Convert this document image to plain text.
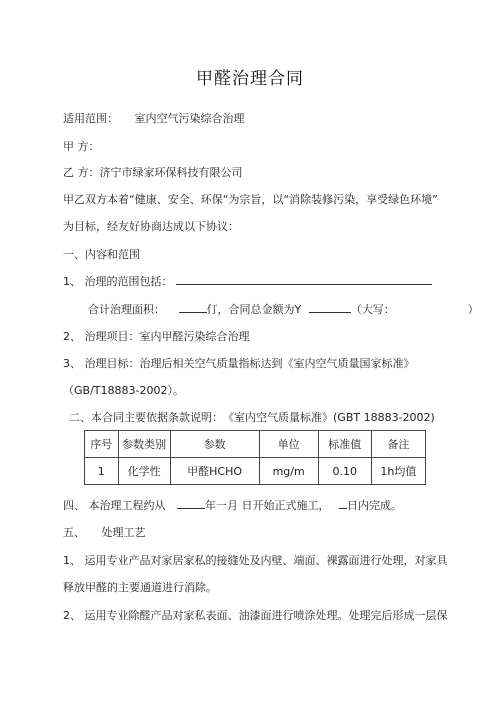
甲醛治理合同
适用范围：　　室内空气污染综合治理
甲 方：
乙 方：济宁市绿家环保科技有限公司
甲乙双方本着“健康、安全、环保“为宗旨，以“消除装修污染，享受绿色环境”
为目标，经友好协商达成以下协议：
一、内容和范围
1、 治理的范围包括：
合计治理面积：	仃，合同总金额为Y	（大写：	）
2、 治理项目：室内甲醛污染综合治理
3、 治理目标：治理后相关空气质量指标达到《室内空气质量国家标准》
（GB/T18883-2002）。
二、本合同主要依据条款说明：　《室内空气质量标准》(GBT 18883-2002)
序号	参数类别	参数	单位	标准值	备注
1	化学性	甲醛HCHO	mg/m	0.10	1h均值
四、 本治理工程约从	年一月 日开始正式施工， 日内完成。
五、　　处理工艺
1、 运用专业产品对家居家私的接缝处及内壁、端面、裸露面进行处理，对家具
释放甲醛的主要通道进行消除。
2、 运用专业除醛产品对家私表面、油漆面进行喷涂处理。处理完后形成一层保
